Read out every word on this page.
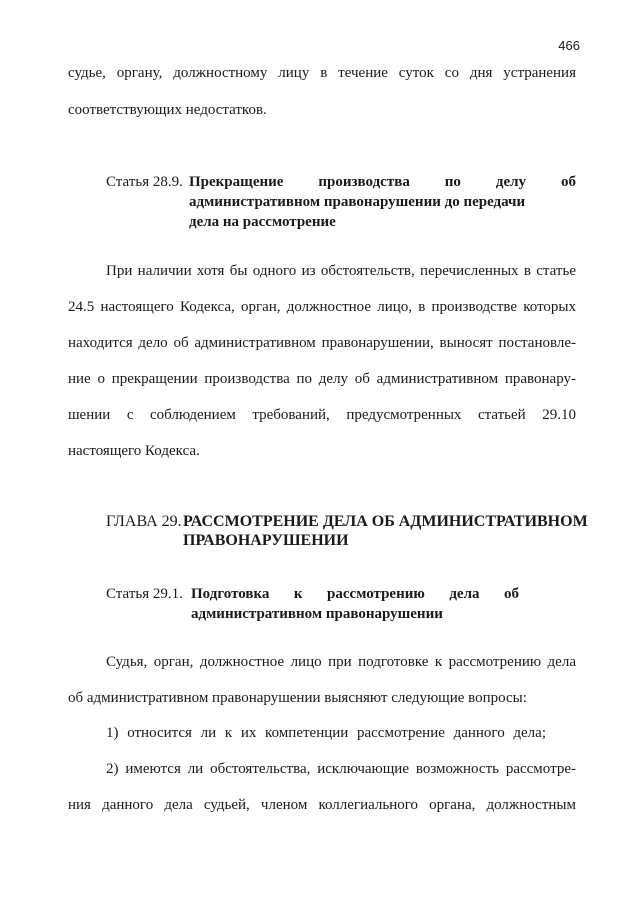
466
судье, органу, должностному лицу в течение суток со дня устранения
соответствующих недостатков.
Статья 28.9. Прекращение производства по делу об
административном правонарушении до передачи
дела на рассмотрение
При наличии хотя бы одного из обстоятельств, перечисленных в статье
24.5 настоящего Кодекса, орган, должностное лицо, в производстве которых
находится дело об административном правонарушении, выносят постановле-
ние о прекращении производства по делу об административном правонару-
шении с соблюдением требований, предусмотренных статьей 29.10
настоящего Кодекса.
ГЛАВА 29. РАССМОТРЕНИЕ ДЕЛА ОБ АДМИНИСТРАТИВНОМ
ПРАВОНАРУШЕНИИ
Статья 29.1. Подготовка к рассмотрению дела об
административном правонарушении
Судья, орган, должностное лицо при подготовке к рассмотрению дела
об административном правонарушении выясняют следующие вопросы:
1) относится ли к их компетенции рассмотрение данного дела;
2) имеются ли обстоятельства, исключающие возможность рассмотре-
ния данного дела судьей, членом коллегиального органа, должностным
